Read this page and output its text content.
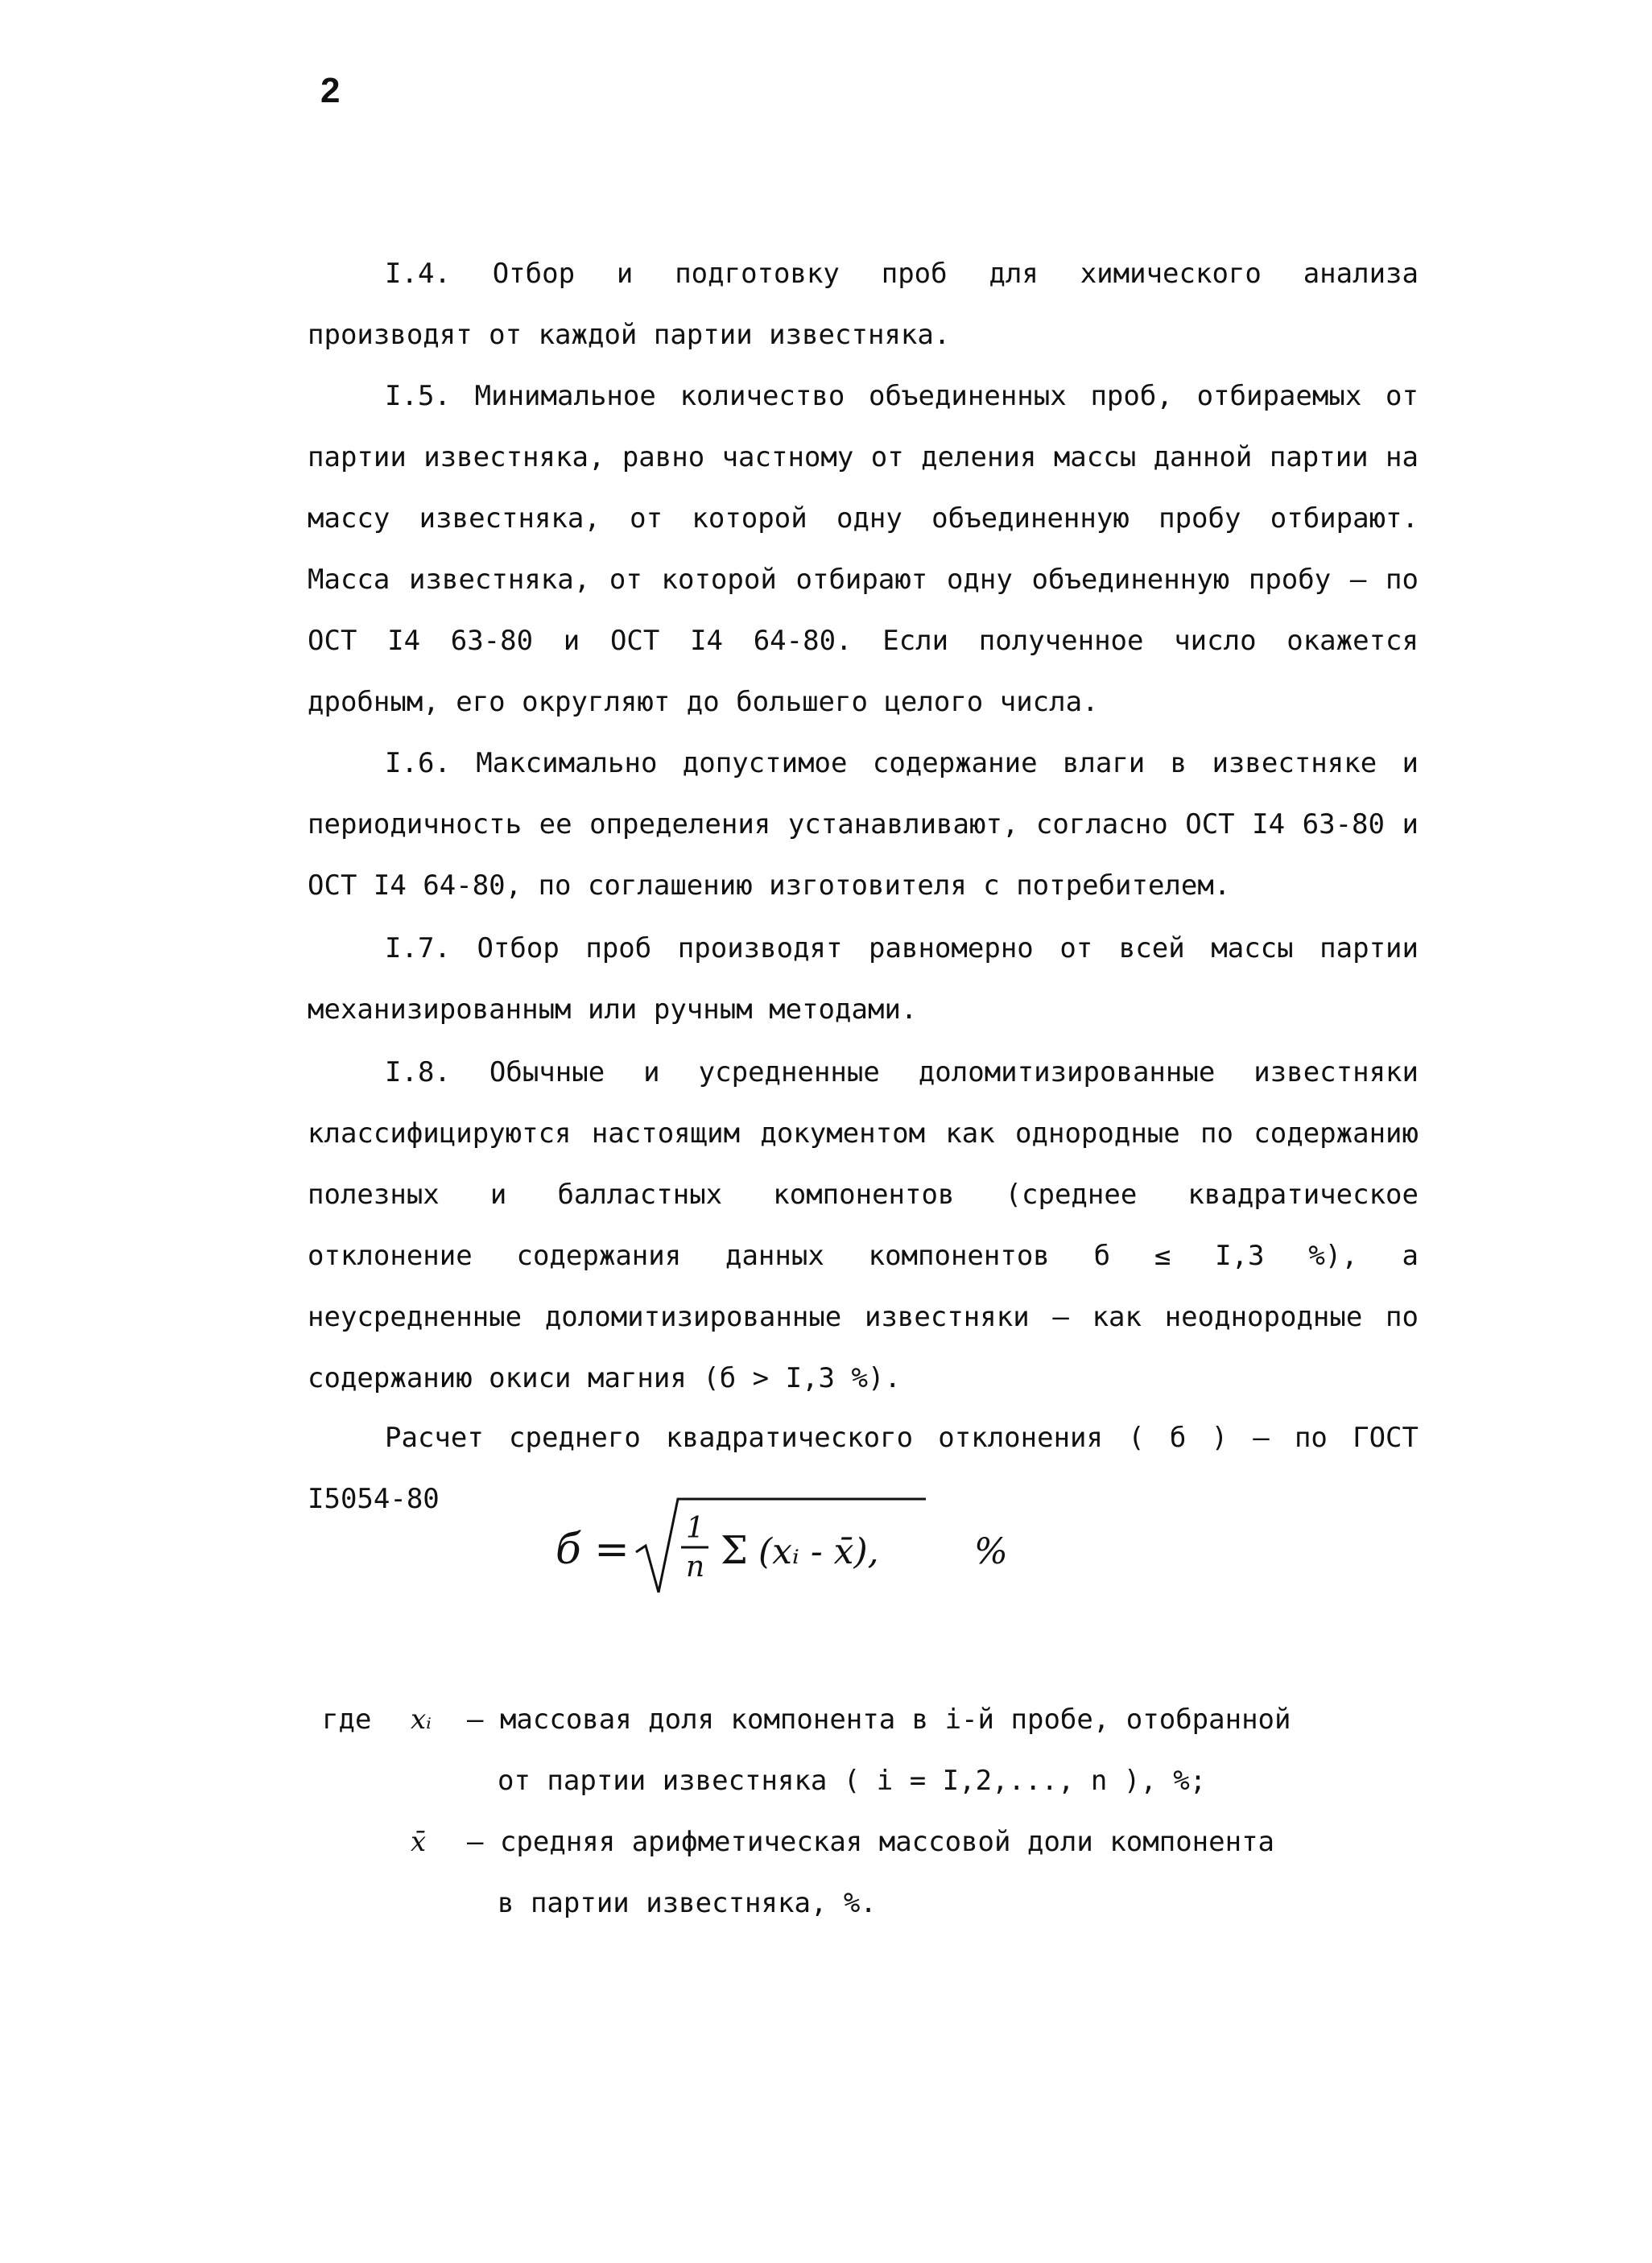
2
I.4. Отбор и подготовку проб для химического анализа производят от каждой партии известняка.
I.5. Минимальное количество объединенных проб, отбираемых от партии известняка, равно частному от деления массы данной партии на массу известняка, от которой одну объединенную пробу отбирают. Масса известняка, от которой отбирают одну объединенную пробу – по ОСТ I4 63-80 и ОСТ I4 64-80. Если полученное число окажется дробным, его округляют до большего целого числа.
I.6. Максимально допустимое содержание влаги в известняке и периодичность ее определения устанавливают, согласно ОСТ I4 63-80 и ОСТ I4 64-80, по соглашению изготовителя с потребителем.
I.7. Отбор проб производят равномерно от всей массы партии механизированным или ручным методами.
I.8. Обычные и усредненные доломитизированные известняки классифицируются настоящим документом как однородные по содержанию полезных и балластных компонентов (среднее квадратическое отклонение содержания данных компонентов б ≤ I,3 %), а неусредненные доломитизированные известняки – как неоднородные по содержанию окиси магния (б > I,3 %).
Расчет среднего квадратического отклонения ( б ) – по ГОСТ I5054-80
б = 1
n Σ (xᵢ - x̄),	%
где	xᵢ	– массовая доля компонента в i-й пробе, отобранной
от партии известняка ( i = I,2,..., n ), %;
x̄	– средняя арифметическая массовой доли компонента
в партии известняка, %.
